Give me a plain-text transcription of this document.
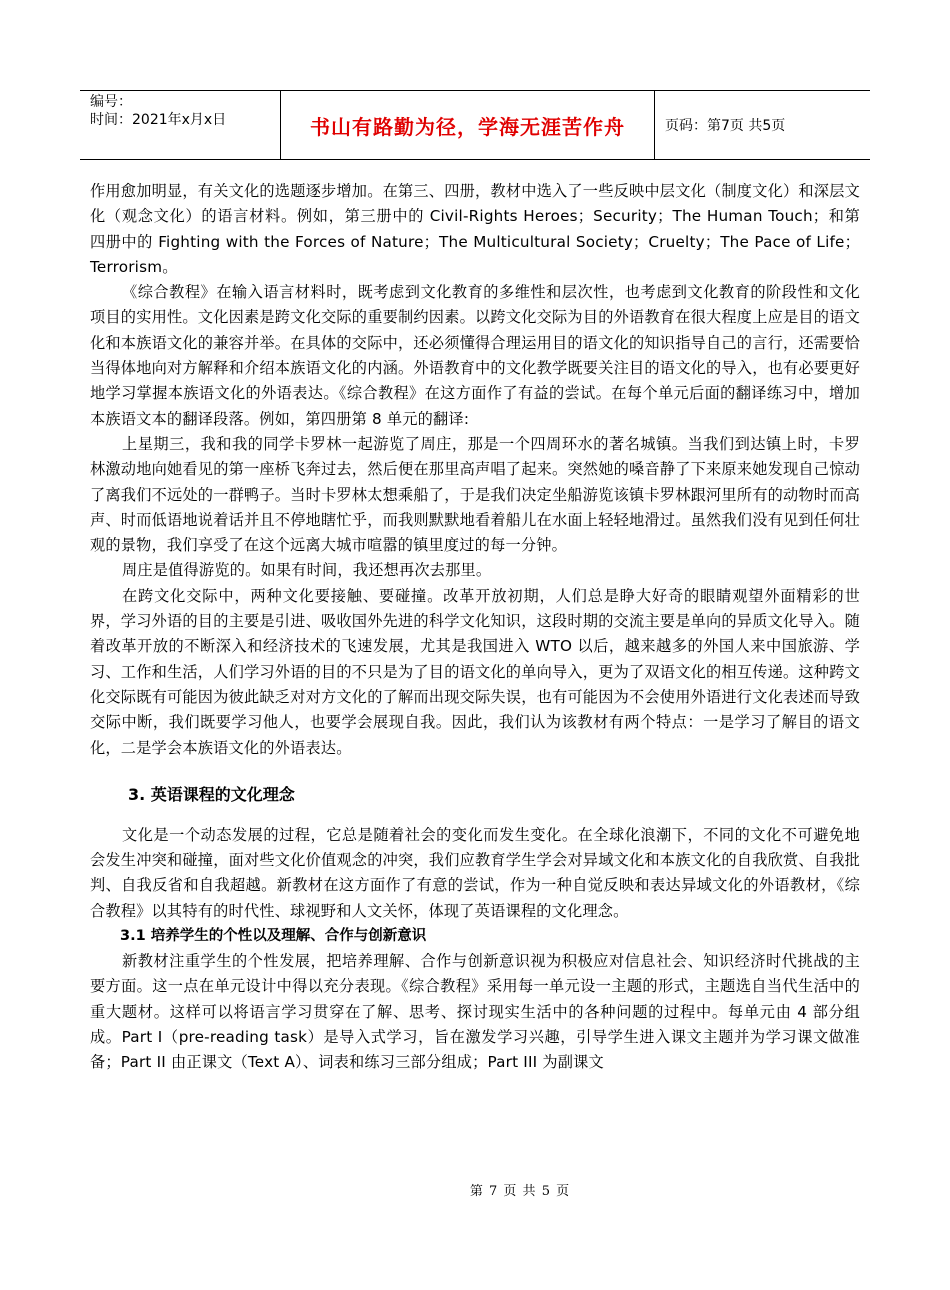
编号：
时间：2021年x月x日	书山有路勤为径，学海无涯苦作舟	页码：第7页 共5页

作用愈加明显，有关文化的选题逐步增加。在第三、四册，教材中选入了一些反映中层文化（制度文化）和深层文化（观念文化）的语言材料。例如，第三册中的 Civil-Rights Heroes；Security；The Human Touch；和第四册中的 Fighting with the Forces of Nature；The Multicultural Society；Cruelty；The Pace of Life；Terrorism。

《综合教程》在输入语言材料时，既考虑到文化教育的多维性和层次性，也考虑到文化教育的阶段性和文化项目的实用性。文化因素是跨文化交际的重要制约因素。以跨文化交际为目的外语教育在很大程度上应是目的语文化和本族语文化的兼容并举。在具体的交际中，还必须懂得合理运用目的语文化的知识指导自己的言行，还需要恰当得体地向对方解释和介绍本族语文化的内涵。外语教育中的文化教学既要关注目的语文化的导入，也有必要更好地学习掌握本族语文化的外语表达。《综合教程》在这方面作了有益的尝试。在每个单元后面的翻译练习中，增加本族语文本的翻译段落。例如，第四册第 8 单元的翻译:

上星期三，我和我的同学卡罗林一起游览了周庄，那是一个四周环水的著名城镇。当我们到达镇上时，卡罗林激动地向她看见的第一座桥飞奔过去，然后便在那里高声唱了起来。突然她的嗓音静了下来原来她发现自己惊动了离我们不远处的一群鸭子。当时卡罗林太想乘船了，于是我们决定坐船游览该镇卡罗林跟河里所有的动物时而高声、时而低语地说着话并且不停地瞎忙乎，而我则默默地看着船儿在水面上轻轻地滑过。虽然我们没有见到任何壮观的景物，我们享受了在这个远离大城市喧嚣的镇里度过的每一分钟。

周庄是值得游览的。如果有时间，我还想再次去那里。

在跨文化交际中，两种文化要接触、要碰撞。改革开放初期，人们总是睁大好奇的眼睛观望外面精彩的世界，学习外语的目的主要是引进、吸收国外先进的科学文化知识，这段时期的交流主要是单向的异质文化导入。随着改革开放的不断深入和经济技术的飞速发展，尤其是我国进入 WTO 以后，越来越多的外国人来中国旅游、学习、工作和生活，人们学习外语的目的不只是为了目的语文化的单向导入，更为了双语文化的相互传递。这种跨文化交际既有可能因为彼此缺乏对对方文化的了解而出现交际失误，也有可能因为不会使用外语进行文化表述而导致交际中断，我们既要学习他人，也要学会展现自我。因此，我们认为该教材有两个特点：一是学习了解目的语文化，二是学会本族语文化的外语表达。

3. 英语课程的文化理念

文化是一个动态发展的过程，它总是随着社会的变化而发生变化。在全球化浪潮下，不同的文化不可避免地会发生冲突和碰撞，面对些文化价值观念的冲突，我们应教育学生学会对异域文化和本族文化的自我欣赏、自我批判、自我反省和自我超越。新教材在这方面作了有意的尝试，作为一种自觉反映和表达异域文化的外语教材，《综合教程》以其特有的时代性、球视野和人文关怀，体现了英语课程的文化理念。

3.1 培养学生的个性以及理解、合作与创新意识

新教材注重学生的个性发展，把培养理解、合作与创新意识视为积极应对信息社会、知识经济时代挑战的主要方面。这一点在单元设计中得以充分表现。《综合教程》采用每一单元设一主题的形式，主题选自当代生活中的重大题材。这样可以将语言学习贯穿在了解、思考、探讨现实生活中的各种问题的过程中。每单元由 4 部分组成。Part I（pre-reading task）是导入式学习，旨在激发学习兴趣，引导学生进入课文主题并为学习课文做准备；Part II 由正课文（Text A）、词表和练习三部分组成；Part III 为副课文

第 7 页 共 5 页
